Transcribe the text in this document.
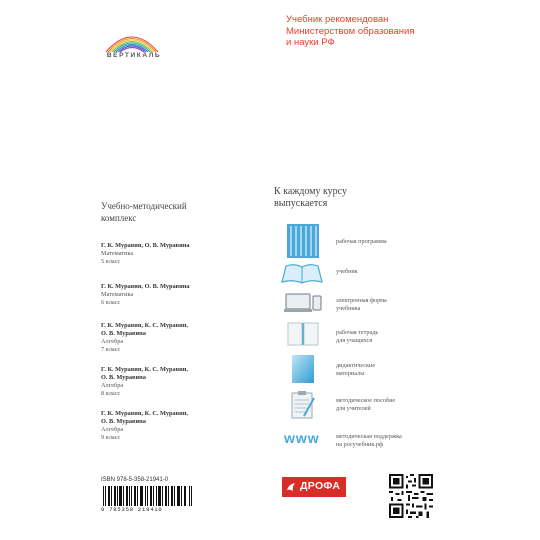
ВЕРТИКАЛЬ
Учебник рекомендован
Министерством образования
и науки РФ
Учебно-методический
комплекс
Г. К. Муравин, О. В. Муравина
Математика
5 класс
Г. К. Муравин, О. В. Муравина
Математика
6 класс
Г. К. Муравин, К. С. Муравин,
О. В. Муравина
Алгебра
7 класс
Г. К. Муравин, К. С. Муравин,
О. В. Муравина
Алгебра
8 класс
Г. К. Муравин, К. С. Муравин,
О. В. Муравина
Алгебра
9 класс
ISBN 978-5-358-21941-0
9 785358 219410
К каждому курсу
выпускается
рабочая программа
учебник
электронная форма
учебника
рабочая тетрадь
для учащихся
дидактические
материалы
методическое пособие
для учителей
www	методическая поддержка
на росучебник.рф
ДРОФА
